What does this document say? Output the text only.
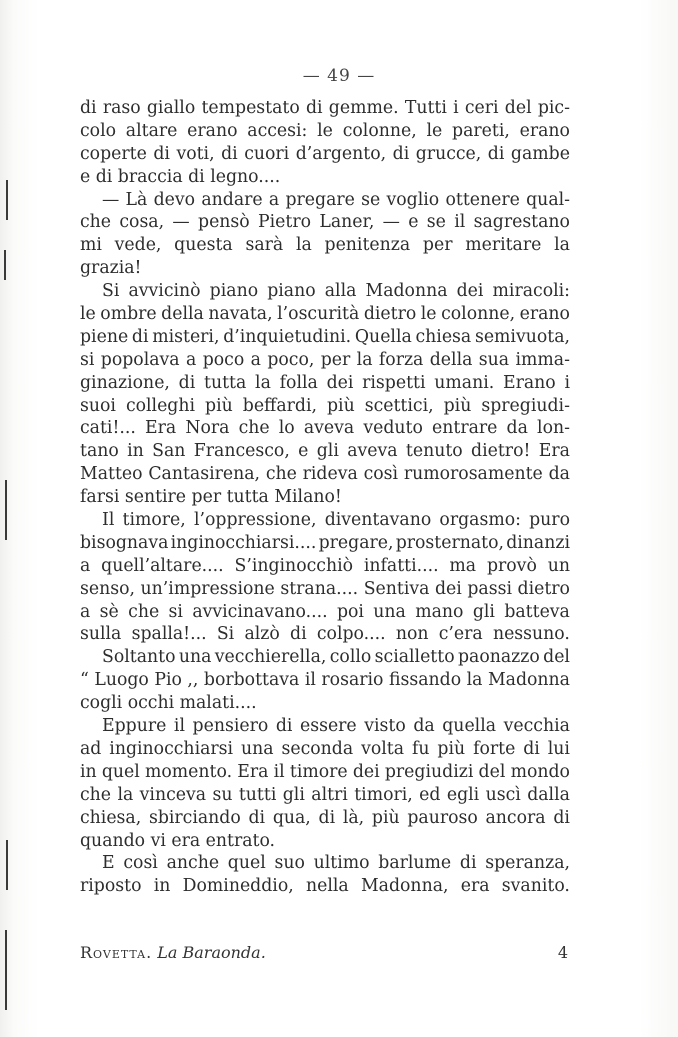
— 49 —
di raso giallo tempestato di gemme. Tutti i ceri del pic-
colo altare erano accesi: le colonne, le pareti, erano
coperte di voti, di cuori d’argento, di grucce, di gambe
e di braccia di legno....
— Là devo andare a pregare se voglio ottenere qual-
che cosa, — pensò Pietro Laner, — e se il sagrestano
mi vede, questa sarà la penitenza per meritare la
grazia!
Si avvicinò piano piano alla Madonna dei miracoli:
le ombre della navata, l’oscurità dietro le colonne, erano
piene di misteri, d’inquietudini. Quella chiesa semivuota,
si popolava a poco a poco, per la forza della sua imma-
ginazione, di tutta la folla dei rispetti umani. Erano i
suoi colleghi più beffardi, più scettici, più spregiudi-
cati!... Era Nora che lo aveva veduto entrare da lon-
tano in San Francesco, e gli aveva tenuto dietro! Era
Matteo Cantasirena, che rideva così rumorosamente da
farsi sentire per tutta Milano!
Il timore, l’oppressione, diventavano orgasmo: puro
bisognava inginocchiarsi.... pregare, prosternato, dinanzi
a quell’altare.... S’inginocchiò infatti.... ma provò un
senso, un’impressione strana.... Sentiva dei passi dietro
a sè che si avvicinavano.... poi una mano gli batteva
sulla spalla!... Si alzò di colpo.... non c’era nessuno.
Soltanto una vecchierella, collo scialletto paonazzo del
“ Luogo Pio ,, borbottava il rosario fissando la Madonna
cogli occhi malati....
Eppure il pensiero di essere visto da quella vecchia
ad inginocchiarsi una seconda volta fu più forte di lui
in quel momento. Era il timore dei pregiudizi del mondo
che la vinceva su tutti gli altri timori, ed egli uscì dalla
chiesa, sbirciando di qua, di là, più pauroso ancora di
quando vi era entrato.
E così anche quel suo ultimo barlume di speranza,
riposto in Domineddio, nella Madonna, era svanito.
Rovetta. La Baraonda.	4
